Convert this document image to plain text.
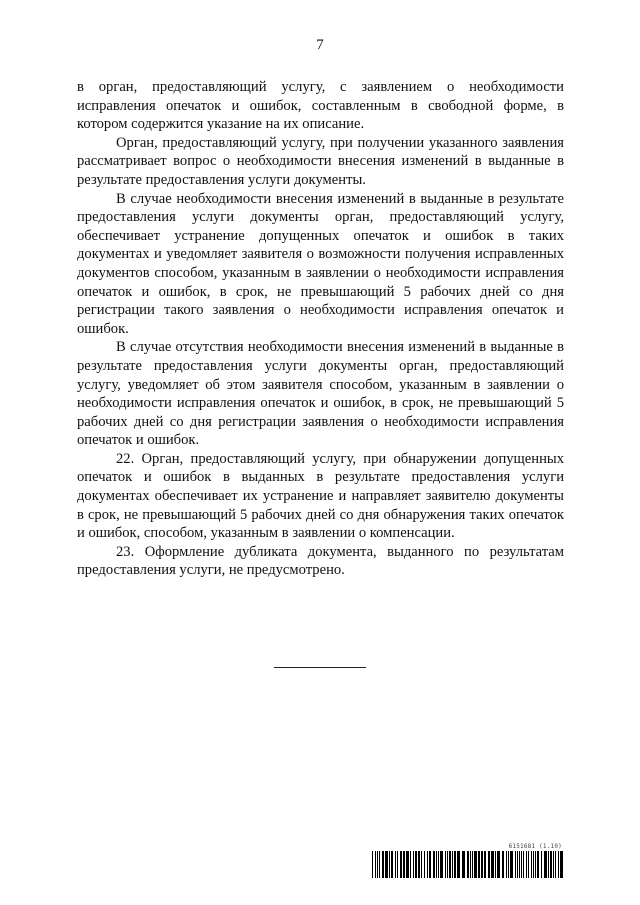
7

в орган, предоставляющий услугу, с заявлением о необходимости исправления опечаток и ошибок, составленным в свободной форме, в котором содержится указание на их описание.

Орган, предоставляющий услугу, при получении указанного заявления рассматривает вопрос о необходимости внесения изменений в выданные в результате предоставления услуги документы.

В случае необходимости внесения изменений в выданные в результате предоставления услуги документы орган, предоставляющий услугу, обеспечивает устранение допущенных опечаток и ошибок в таких документах и уведомляет заявителя о возможности получения исправленных документов способом, указанным в заявлении о необходимости исправления опечаток и ошибок, в срок, не превышающий 5 рабочих дней со дня регистрации такого заявления о необходимости исправления опечаток и ошибок.

В случае отсутствия необходимости внесения изменений в выданные в результате предоставления услуги документы орган, предоставляющий услугу, уведомляет об этом заявителя способом, указанным в заявлении о необходимости исправления опечаток и ошибок, в срок, не превышающий 5 рабочих дней со дня регистрации заявления о необходимости исправления опечаток и ошибок.

22. Орган, предоставляющий услугу, при обнаружении допущенных опечаток и ошибок в выданных в результате предоставления услуги документах обеспечивает их устранение и направляет заявителю документы в срок, не превышающий 5 рабочих дней со дня обнаружения таких опечаток и ошибок, способом, указанным в заявлении о компенсации.

23. Оформление дубликата документа, выданного по результатам предоставления услуги, не предусмотрено.

6151681 (1.10)
